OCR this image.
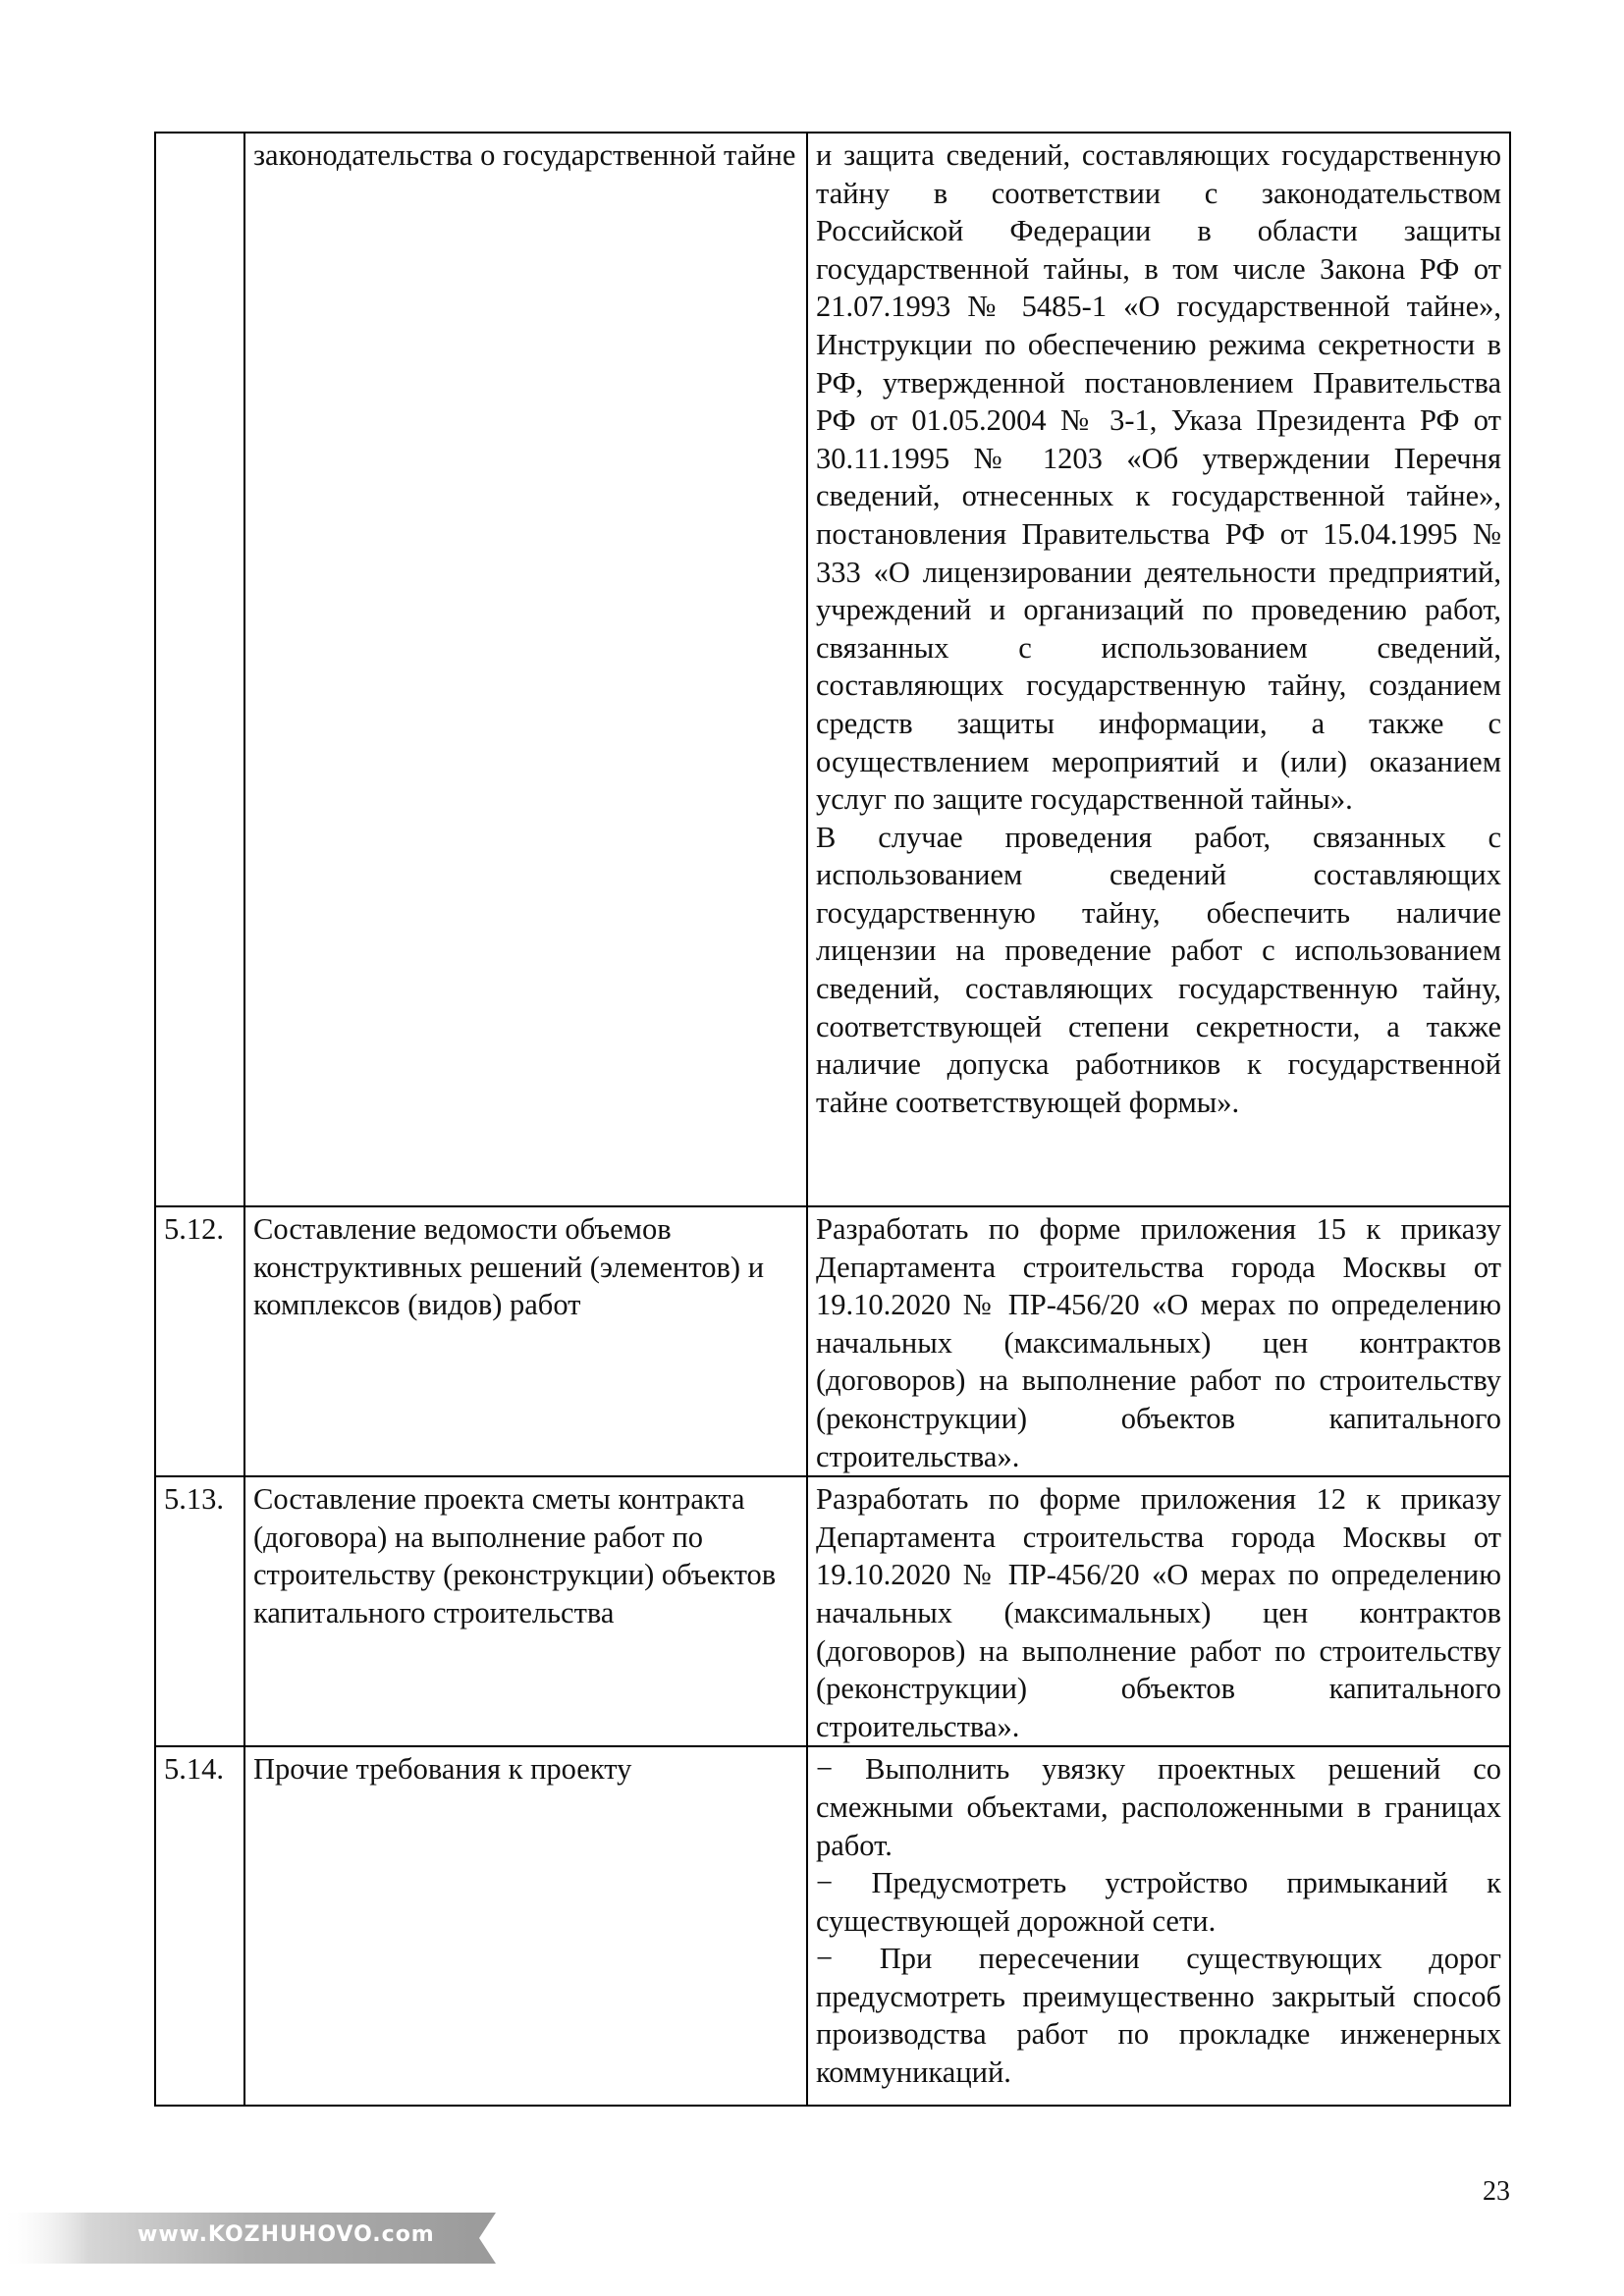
	законодательства о государственной тайне	и защита сведений, составляющих государственную тайну в соответствии с законодательством Российской Федерации в области защиты государственной тайны, в том числе Закона РФ от 21.07.1993 № 5485-1 «О государственной тайне», Инструкции по обеспечению режима секретности в РФ, утвержденной постановлением Правительства РФ от 01.05.2004 № 3-1, Указа Президента РФ от 30.11.1995 № 1203 «Об утверждении Перечня сведений, отнесенных к государственной тайне», постановления Правительства РФ от 15.04.1995 № 333 «О лицензировании деятельности предприятий, учреждений и организаций по проведению работ, связанных с использованием сведений, составляющих государственную тайну, созданием средств защиты информации, а также с осуществлением мероприятий и (или) оказанием услуг по защите государственной тайны».

В случае проведения работ, связанных с использованием сведений составляющих государственную тайну, обеспечить наличие лицензии на проведение работ с использованием сведений, составляющих государственную тайну, соответствующей степени секретности, а также наличие допуска работников к государственной тайне соответствующей формы».

5.12.	Составление ведомости объемов конструктивных решений (элементов) и комплексов (видов) работ	Разработать по форме приложения 15 к приказу Департамента строительства города Москвы от 19.10.2020 № ПР-456/20 «О мерах по определению начальных (максимальных) цен контрактов (договоров) на выполнение работ по строительству (реконструкции) объектов капитального строительства».

5.13.	Составление проекта сметы контракта (договора) на выполнение работ по строительству (реконструкции) объектов капитального строительства	Разработать по форме приложения 12 к приказу Департамента строительства города Москвы от 19.10.2020 № ПР-456/20 «О мерах по определению начальных (максимальных) цен контрактов (договоров) на выполнение работ по строительству (реконструкции) объектов капитального строительства».

5.14.	Прочие требования к проекту	− Выполнить увязку проектных решений со смежными объектами, расположенными в границах работ.

− Предусмотреть устройство примыканий к существующей дорожной сети.

− При пересечении существующих дорог предусмотреть преимущественно закрытый способ производства работ по прокладке инженерных коммуникаций.

23
www.KOZHUHOVO.com
